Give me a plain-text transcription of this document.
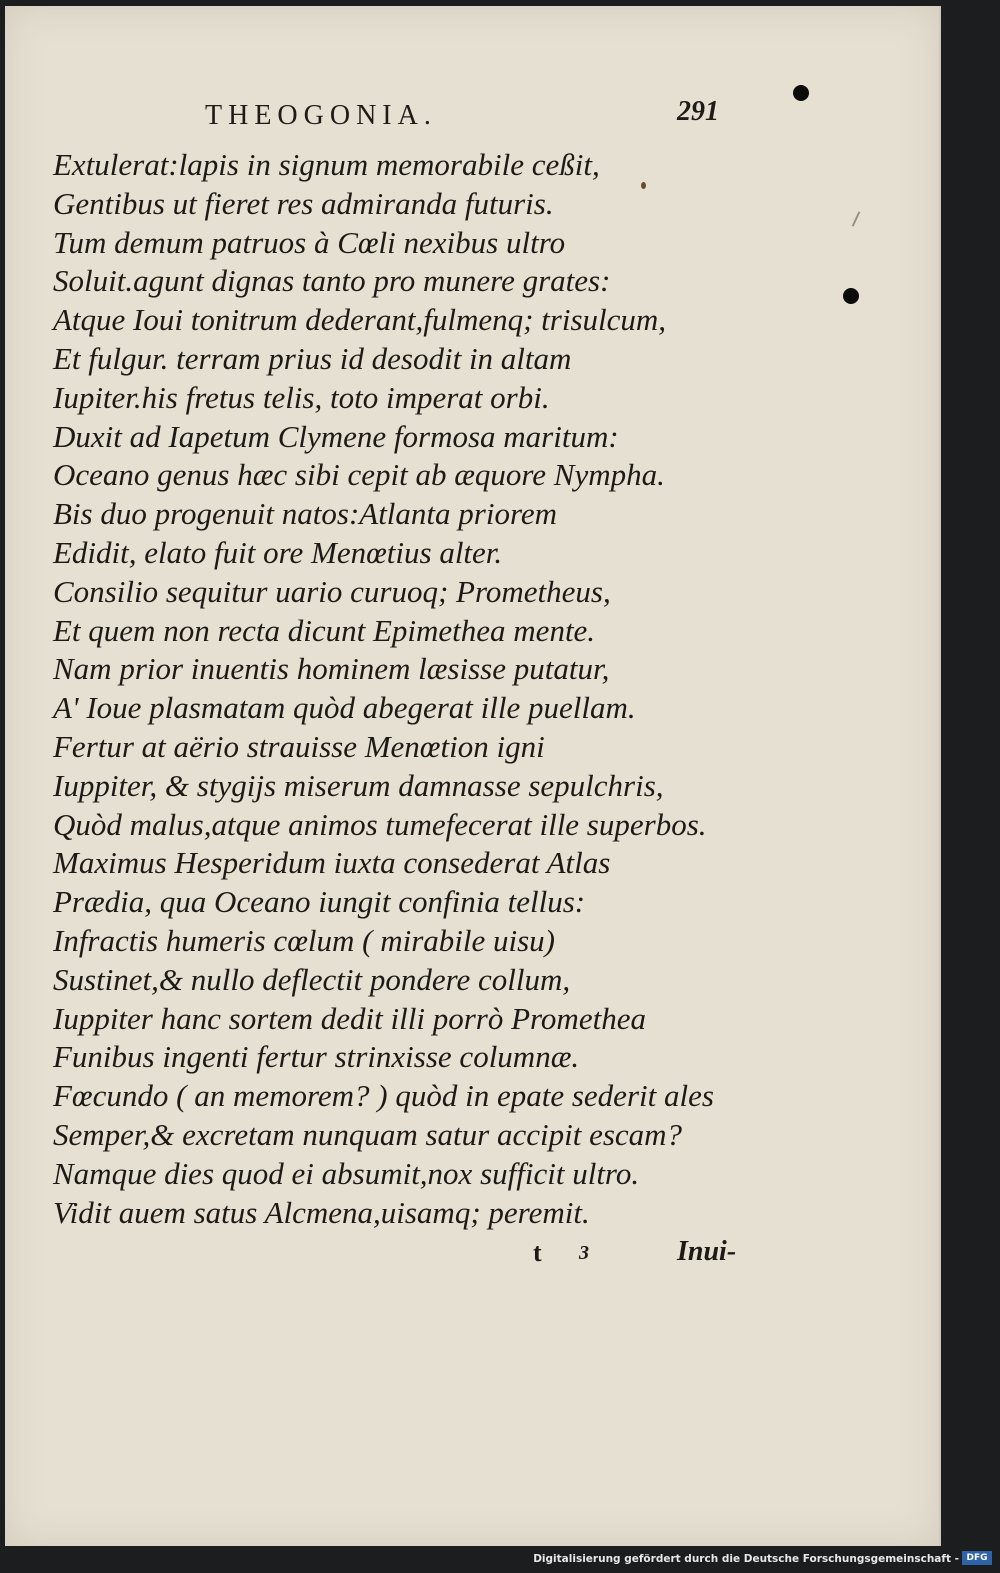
THEOGONIA.	291
Extulerat:lapis in signum memorabile ceßit,
Gentibus ut fieret res admiranda futuris.
Tum demum patruos à Cœli nexibus ultro
Soluit.agunt dignas tanto pro munere grates:
Atque Ioui tonitrum dederant,fulmenq; trisulcum,
Et fulgur. terram prius id desodit in altam
Iupiter.his fretus telis, toto imperat orbi.
Duxit ad Iapetum Clymene formosa maritum:
Oceano genus hæc sibi cepit ab æquore Nympha.
Bis duo progenuit natos:Atlanta priorem
Edidit, elato fuit ore Menœtius alter.
Consilio sequitur uario curuoq; Prometheus,
Et quem non recta dicunt Epimethea mente.
Nam prior inuentis hominem læsisse putatur,
A' Ioue plasmatam quòd abegerat ille puellam.
Fertur at aërio strauisse Menœtion igni
Iuppiter, & stygijs miserum damnasse sepulchris,
Quòd malus,atque animos tumefecerat ille superbos.
Maximus Hesperidum iuxta consederat Atlas
Prædia, qua Oceano iungit confinia tellus:
Infractis humeris cœlum ( mirabile uisu)
Sustinet,& nullo deflectit pondere collum,
Iuppiter hanc sortem dedit illi porrò Promethea
Funibus ingenti fertur strinxisse columnæ.
Fœcundo ( an memorem? ) quòd in epate sederit ales
Semper,& excretam nunquam satur accipit escam?
Namque dies quod ei absumit,nox sufficit ultro.
Vidit auem satus Alcmena,uisamq; peremit.
t 3	Inui-
Digitalisierung gefördert durch die Deutsche Forschungsgemeinschaft - DFG
